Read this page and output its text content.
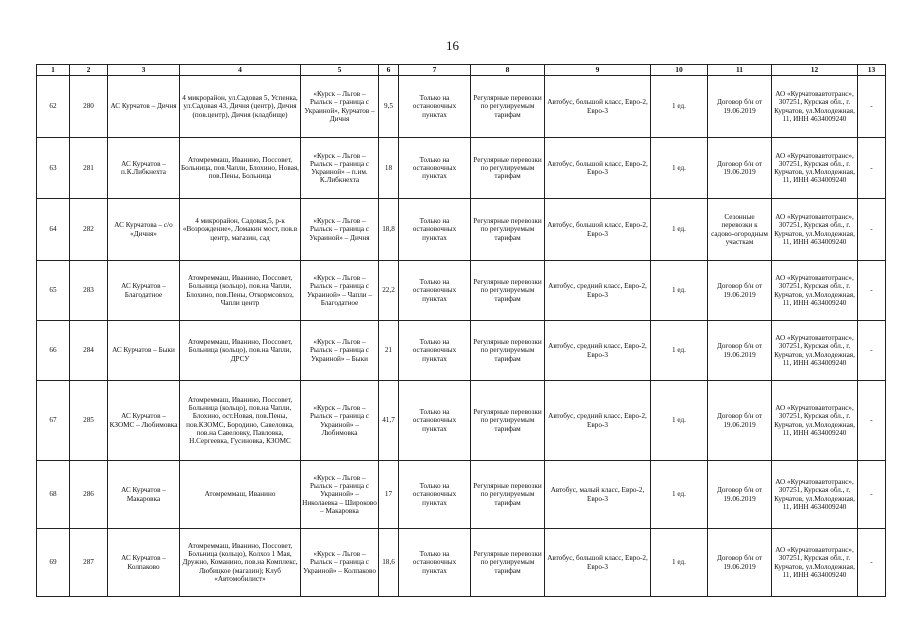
16
1	2	3	4	5	6	7	8	9	10	11	12	13
62	280	АС Курчатов – Дичня	4 микрорайон, ул.Садовая 5, Успенка, ул.Садовая 43, Дичня (центр), Дичня (пов.центр), Дичня (кладбище)	«Курск – Льгов – Рыльск – граница с Украиной», Курчатов – Дичня	9,5	Только на остановочных пунктах	Регулярные перевозки по регулируемым тарифам	Автобус, большой класс, Евро-2, Евро-3	1 ед.	Договор б/н от 19.06.2019	АО «Курчатовавтотранс», 307251, Курская обл., г. Курчатов, ул.Молодежная, 11, ИНН 4634009240	-
63	281	АС Курчатов – п.К.Либкнехта	Атомреммаш, Иванино, Поссовет, Больница, пов.Чапли, Блохино, Новая, пов.Пены, Больница	«Курск – Льгов – Рыльск – граница с Украиной» – п.им. К.Либкнехта	18	Только на остановочных пунктах	Регулярные перевозки по регулируемым тарифам	Автобус, большой класс, Евро-2, Евро-3	1 ед.	Договор б/н от 19.06.2019	АО «Курчатовавтотранс», 307251, Курская обл., г. Курчатов, ул.Молодежная, 11, ИНН 4634009240	-
64	282	АС Курчатова – с/о «Дичня»	4 микрорайон, Садовая,5, р-к «Возрождение», Ломакин мост, пов.в центр, магазин, сад	«Курск – Льгов – Рыльск – граница с Украиной» – Дичня	18,8	Только на остановочных пунктах	Регулярные перевозки по регулируемым тарифам	Автобус, большой класс, Евро-2, Евро-3	1 ед.	Сезонные перевозки к садово-огородным участкам	АО «Курчатовавтотранс», 307251, Курская обл., г. Курчатов, ул.Молодежная, 11, ИНН 4634009240	-
65	283	АС Курчатов – Благодатное	Атомреммаш, Иванино, Поссовет, Больница (кольцо), пов.на Чапли, Блохино, пов.Пены, Откормсовхоз, Чапли центр	«Курск – Льгов – Рыльск – граница с Украиной» – Чапли – Благодатное	22,2	Только на остановочных пунктах	Регулярные перевозки по регулируемым тарифам	Автобус, средний класс, Евро-2, Евро-3	1 ед.	Договор б/н от 19.06.2019	АО «Курчатовавтотранс», 307251, Курская обл., г. Курчатов, ул.Молодежная, 11, ИНН 4634009240	-
66	284	АС Курчатов – Быки	Атомреммаш, Иванино, Поссовет, Больница (кольцо), пов.на Чапли, ДРСУ	«Курск – Льгов – Рыльск – граница с Украиной» – Быки	21	Только на остановочных пунктах	Регулярные перевозки по регулируемым тарифам	Автобус, средний класс, Евро-2, Евро-3	1 ед.	Договор б/н от 19.06.2019	АО «Курчатовавтотранс», 307251, Курская обл., г. Курчатов, ул.Молодежная, 11, ИНН 4634009240	-
67	285	АС Курчатов – КЗОМС – Любимовка	Атомреммаш, Иванино, Поссовет, Больница (кольцо), пов.на Чапли, Блохино, ост.Новая, пов.Пены, пов.КЗОМС, Бородино, Савеловка, пов.на Савеловку, Павловка, Н.Сергеевка, Гусиновка, КЗОМС	«Курск – Льгов – Рыльск – граница с Украиной» – Любимовка	41,7	Только на остановочных пунктах	Регулярные перевозки по регулируемым тарифам	Автобус, средний класс, Евро-2, Евро-3	1 ед.	Договор б/н от 19.06.2019	АО «Курчатовавтотранс», 307251, Курская обл., г. Курчатов, ул.Молодежная, 11, ИНН 4634009240	-
68	286	АС Курчатов – Макаровка	Атомреммаш, Иванино	«Курск – Льгов – Рыльск – граница с Украиной» – Николаевка – Широково – Макаровка	17	Только на остановочных пунктах	Регулярные перевозки по регулируемым тарифам	Автобус, малый класс, Евро-2, Евро-3	1 ед.	Договор б/н от 19.06.2019	АО «Курчатовавтотранс», 307251, Курская обл., г. Курчатов, ул.Молодежная, 11, ИНН 4634009240	-
69	287	АС Курчатов – Колпаково	Атомреммаш, Иванино, Поссовет, Больница (кольцо), Колхоз 1 Мая, Дружно, Команино, пов.на Комплекс, Любицкое (магазин); Клуб «Автомобилист»	«Курск – Льгов – Рыльск – граница с Украиной» – Колпаково	18,6	Только на остановочных пунктах	Регулярные перевозки по регулируемым тарифам	Автобус, большой класс, Евро-2, Евро-3	1 ед.	Договор б/н от 19.06.2019	АО «Курчатовавтотранс», 307251, Курская обл., г. Курчатов, ул.Молодежная, 11, ИНН 4634009240	-
